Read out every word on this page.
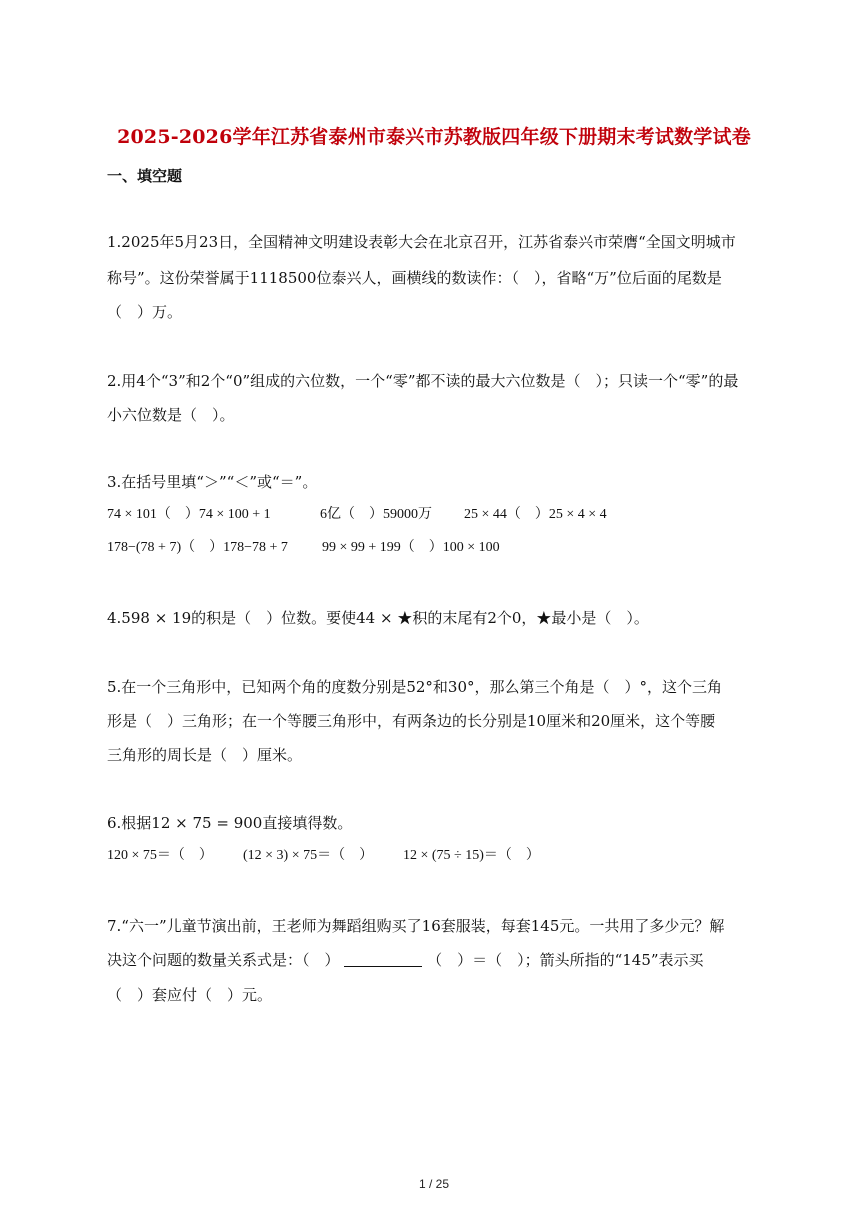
2025-2026学年江苏省泰州市泰兴市苏教版四年级下册期末考试数学试卷
一、填空题
1.2025年5月23日，全国精神文明建设表彰大会在北京召开，江苏省泰兴市荣膺“全国文明城市
称号”。这份荣誉属于1118500位泰兴人，画横线的数读作：（　），省略“万”位后面的尾数是
（　）万。
2.用4个“3”和2个“0”组成的六位数，一个“零”都不读的最大六位数是（　）；只读一个“零”的最
小六位数是（　）。
3.在括号里填“＞”“＜”或“＝”。
74 × 101（　）74 × 100 + 1	6亿（　）59000万 25 × 44（　）25 × 4 × 4
178−(78 + 7)（　）178−78 + 7 99 × 99 + 199（　）100 × 100
4.598 × 19的积是（　）位数。要使44 × ★积的末尾有2个0，★最小是（　）。
5.在一个三角形中，已知两个角的度数分别是52°和30°，那么第三个角是（　）°，这个三角
形是（　）三角形；在一个等腰三角形中，有两条边的长分别是10厘米和20厘米，这个等腰
三角形的周长是（　）厘米。
6.根据12 × 75 = 900直接填得数。
120 × 75＝（　） (12 × 3) × 75＝（　） 12 × (75 ÷ 15)＝（　）
7.“六一”儿童节演出前，王老师为舞蹈组购买了16套服装，每套145元。一共用了多少元？解
决这个问题的数量关系式是：（　）	（　）＝（　）；箭头所指的“145”表示买
（　）套应付（　）元。
1 / 25
